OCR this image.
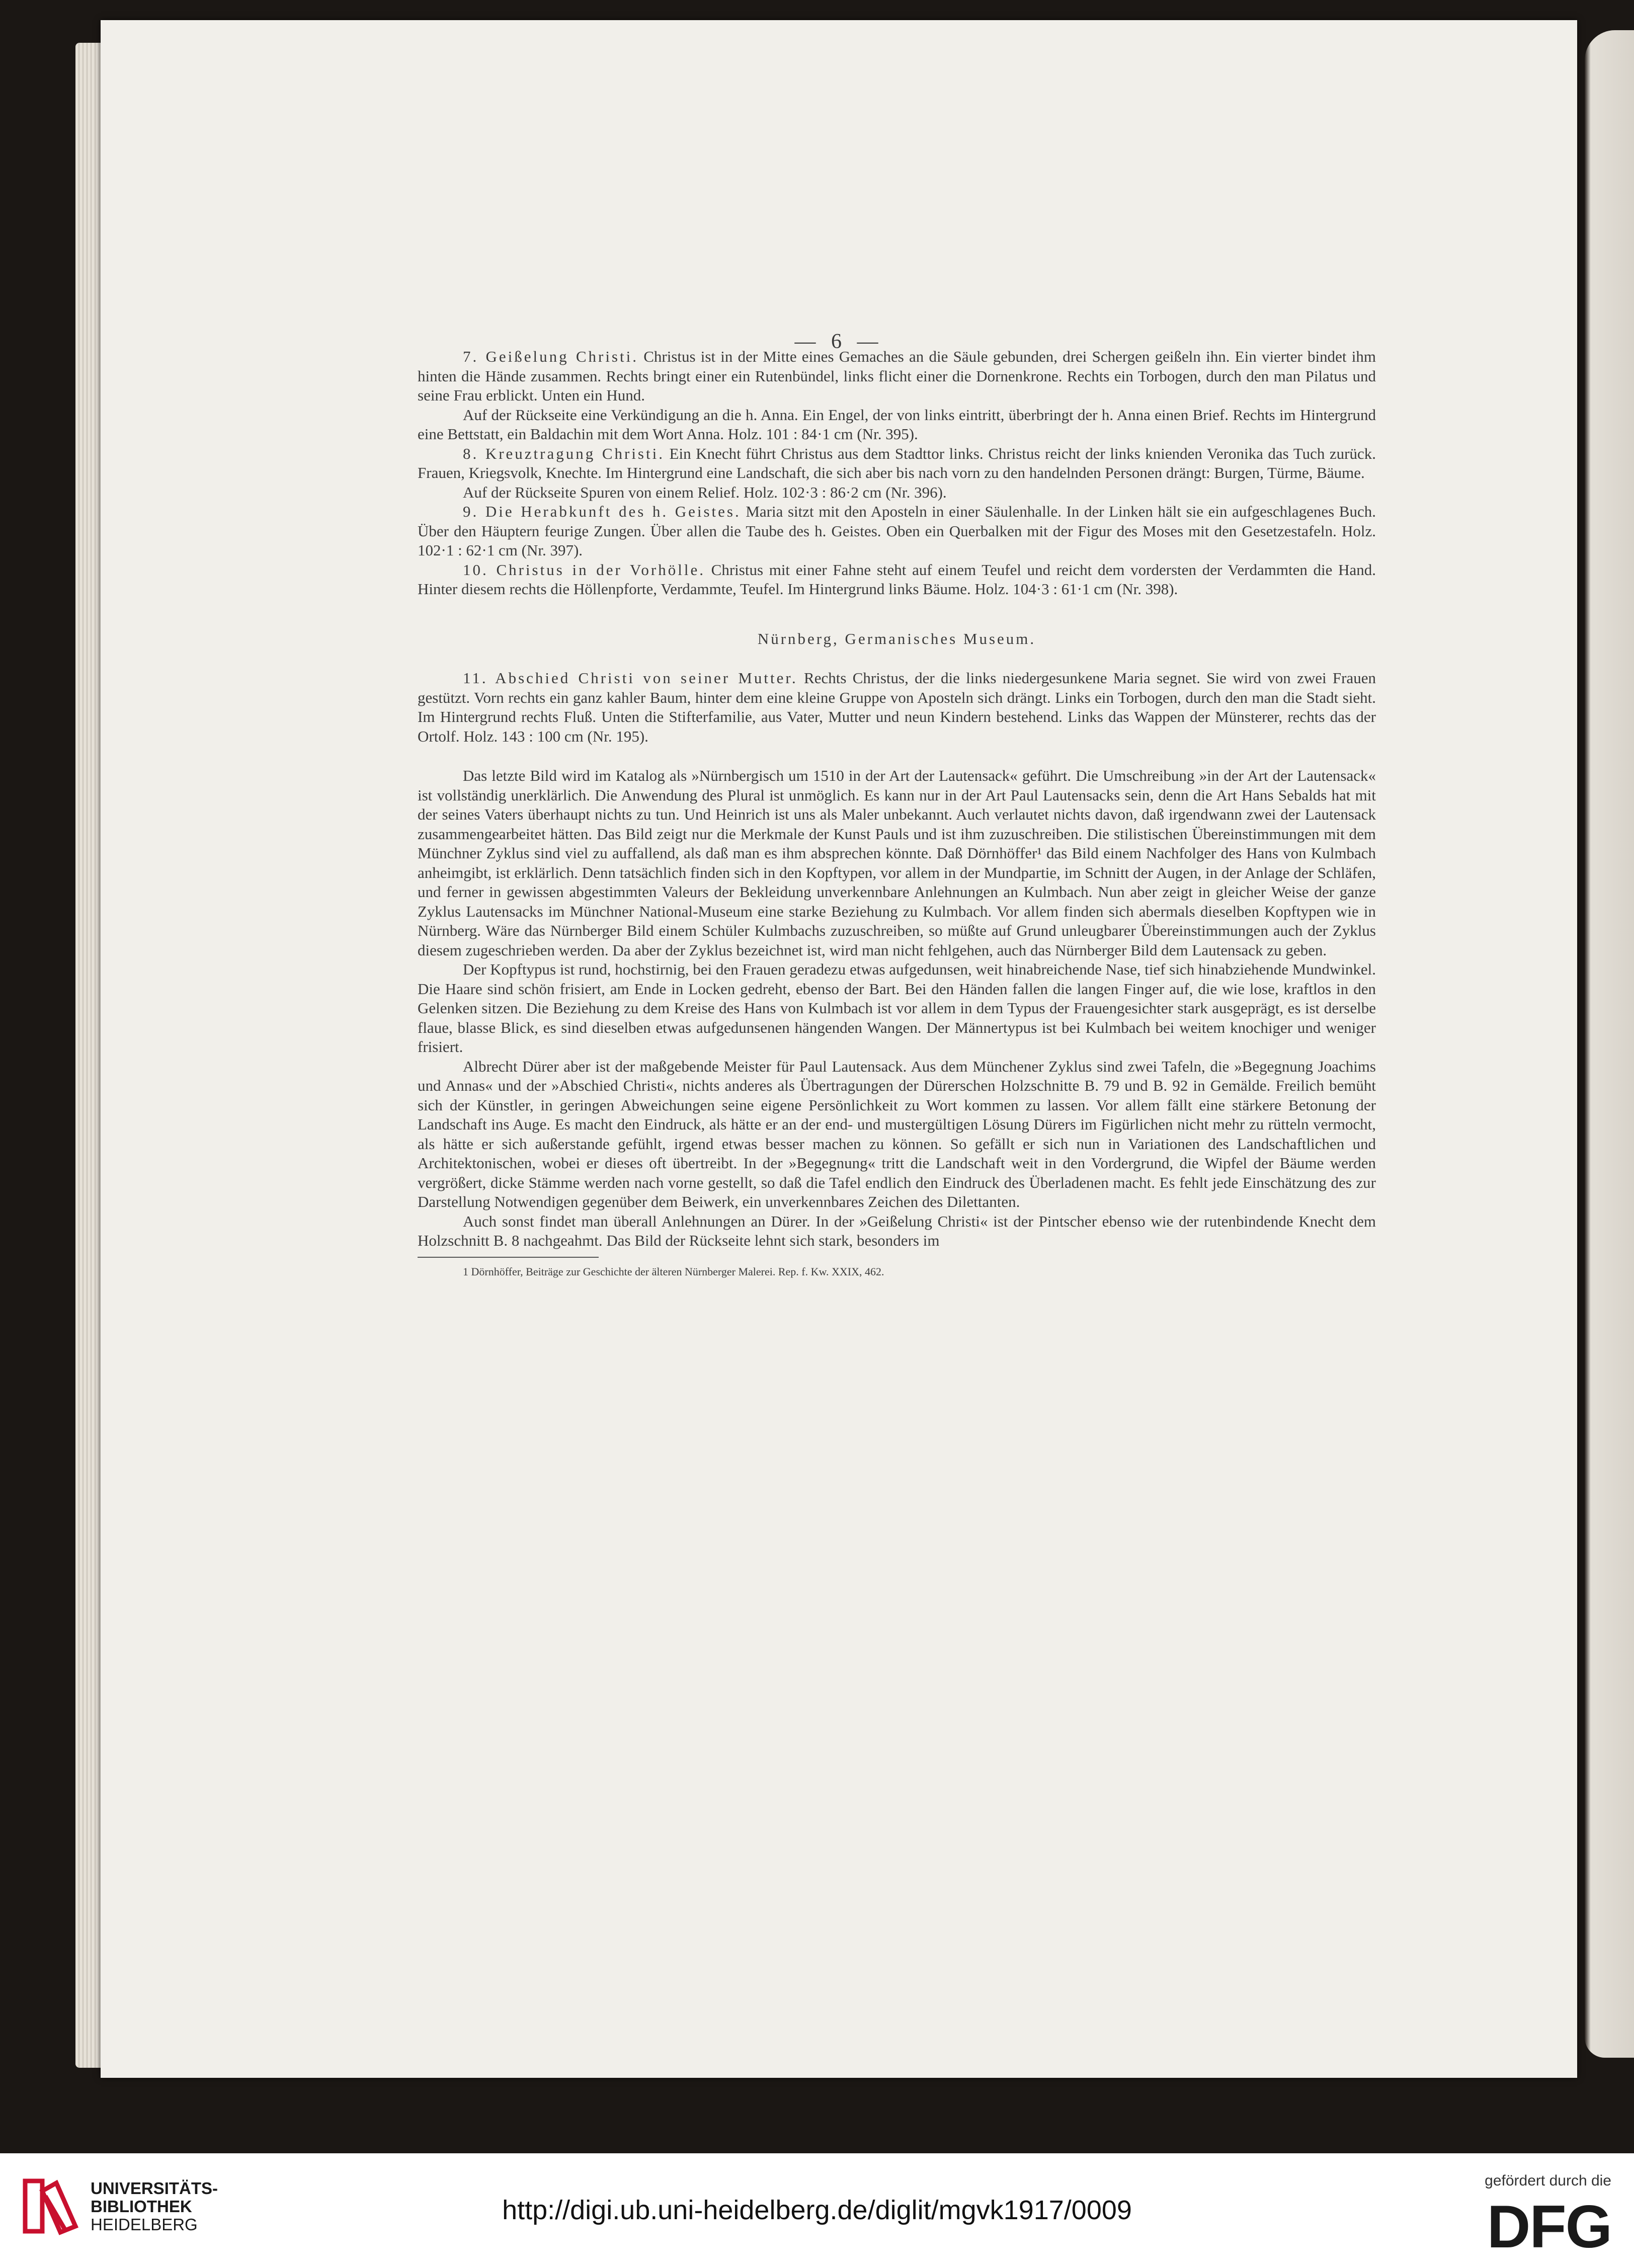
— 6 —

7. Geißelung Christi. Christus ist in der Mitte eines Gemaches an die Säule gebunden, drei Schergen geißeln ihn. Ein vierter bindet ihm hinten die Hände zusammen. Rechts bringt einer ein Rutenbündel, links flicht einer die Dornenkrone. Rechts ein Torbogen, durch den man Pilatus und seine Frau erblickt. Unten ein Hund.

Auf der Rückseite eine Verkündigung an die h. Anna. Ein Engel, der von links eintritt, überbringt der h. Anna einen Brief. Rechts im Hintergrund eine Bettstatt, ein Baldachin mit dem Wort Anna. Holz. 101 : 84·1 cm (Nr. 395).

8. Kreuztragung Christi. Ein Knecht führt Christus aus dem Stadttor links. Christus reicht der links knienden Veronika das Tuch zurück. Frauen, Kriegsvolk, Knechte. Im Hintergrund eine Landschaft, die sich aber bis nach vorn zu den handelnden Personen drängt: Burgen, Türme, Bäume.

Auf der Rückseite Spuren von einem Relief. Holz. 102·3 : 86·2 cm (Nr. 396).

9. Die Herabkunft des h. Geistes. Maria sitzt mit den Aposteln in einer Säulenhalle. In der Linken hält sie ein aufgeschlagenes Buch. Über den Häuptern feurige Zungen. Über allen die Taube des h. Geistes. Oben ein Querbalken mit der Figur des Moses mit den Gesetzestafeln. Holz. 102·1 : 62·1 cm (Nr. 397).

10. Christus in der Vorhölle. Christus mit einer Fahne steht auf einem Teufel und reicht dem vordersten der Verdammten die Hand. Hinter diesem rechts die Höllenpforte, Verdammte, Teufel. Im Hintergrund links Bäume. Holz. 104·3 : 61·1 cm (Nr. 398).

Nürnberg, Germanisches Museum.

11. Abschied Christi von seiner Mutter. Rechts Christus, der die links niedergesunkene Maria segnet. Sie wird von zwei Frauen gestützt. Vorn rechts ein ganz kahler Baum, hinter dem eine kleine Gruppe von Aposteln sich drängt. Links ein Torbogen, durch den man die Stadt sieht. Im Hintergrund rechts Fluß. Unten die Stifterfamilie, aus Vater, Mutter und neun Kindern bestehend. Links das Wappen der Münsterer, rechts das der Ortolf. Holz. 143 : 100 cm (Nr. 195).

Das letzte Bild wird im Katalog als »Nürnbergisch um 1510 in der Art der Lautensack« geführt. Die Umschreibung »in der Art der Lautensack« ist vollständig unerklärlich. Die Anwendung des Plural ist unmöglich. Es kann nur in der Art Paul Lautensacks sein, denn die Art Hans Sebalds hat mit der seines Vaters überhaupt nichts zu tun. Und Heinrich ist uns als Maler unbekannt. Auch verlautet nichts davon, daß irgendwann zwei der Lautensack zusammengearbeitet hätten. Das Bild zeigt nur die Merkmale der Kunst Pauls und ist ihm zuzuschreiben. Die stilistischen Übereinstimmungen mit dem Münchner Zyklus sind viel zu auffallend, als daß man es ihm absprechen könnte. Daß Dörnhöffer¹ das Bild einem Nachfolger des Hans von Kulmbach anheimgibt, ist erklärlich. Denn tatsächlich finden sich in den Kopftypen, vor allem in der Mundpartie, im Schnitt der Augen, in der Anlage der Schläfen, und ferner in gewissen abgestimmten Valeurs der Bekleidung unverkennbare Anlehnungen an Kulmbach. Nun aber zeigt in gleicher Weise der ganze Zyklus Lautensacks im Münchner National-Museum eine starke Beziehung zu Kulmbach. Vor allem finden sich abermals dieselben Kopftypen wie in Nürnberg. Wäre das Nürnberger Bild einem Schüler Kulmbachs zuzuschreiben, so müßte auf Grund unleugbarer Übereinstimmungen auch der Zyklus diesem zugeschrieben werden. Da aber der Zyklus bezeichnet ist, wird man nicht fehlgehen, auch das Nürnberger Bild dem Lautensack zu geben.

Der Kopftypus ist rund, hochstirnig, bei den Frauen geradezu etwas aufgedunsen, weit hinabreichende Nase, tief sich hinabziehende Mundwinkel. Die Haare sind schön frisiert, am Ende in Locken gedreht, ebenso der Bart. Bei den Händen fallen die langen Finger auf, die wie lose, kraftlos in den Gelenken sitzen. Die Beziehung zu dem Kreise des Hans von Kulmbach ist vor allem in dem Typus der Frauengesichter stark ausgeprägt, es ist derselbe flaue, blasse Blick, es sind dieselben etwas aufgedunsenen hängenden Wangen. Der Männertypus ist bei Kulmbach bei weitem knochiger und weniger frisiert.

Albrecht Dürer aber ist der maßgebende Meister für Paul Lautensack. Aus dem Münchener Zyklus sind zwei Tafeln, die »Begegnung Joachims und Annas« und der »Abschied Christi«, nichts anderes als Übertragungen der Dürerschen Holzschnitte B. 79 und B. 92 in Gemälde. Freilich bemüht sich der Künstler, in geringen Abweichungen seine eigene Persönlichkeit zu Wort kommen zu lassen. Vor allem fällt eine stärkere Betonung der Landschaft ins Auge. Es macht den Eindruck, als hätte er an der end- und mustergültigen Lösung Dürers im Figürlichen nicht mehr zu rütteln vermocht, als hätte er sich außerstande gefühlt, irgend etwas besser machen zu können. So gefällt er sich nun in Variationen des Landschaftlichen und Architektonischen, wobei er dieses oft übertreibt. In der »Begegnung« tritt die Landschaft weit in den Vordergrund, die Wipfel der Bäume werden vergrößert, dicke Stämme werden nach vorne gestellt, so daß die Tafel endlich den Eindruck des Überladenen macht. Es fehlt jede Einschätzung des zur Darstellung Notwendigen gegenüber dem Beiwerk, ein unverkennbares Zeichen des Dilettanten.

Auch sonst findet man überall Anlehnungen an Dürer. In der »Geißelung Christi« ist der Pintscher ebenso wie der rutenbindende Knecht dem Holzschnitt B. 8 nachgeahmt. Das Bild der Rückseite lehnt sich stark, besonders im

1 Dörnhöffer, Beiträge zur Geschichte der älteren Nürnberger Malerei. Rep. f. Kw. XXIX, 462.

UNIVERSITÄTS-
BIBLIOTHEK
HEIDELBERG	http://digi.ub.uni-heidelberg.de/diglit/mgvk1917/0009
gefördert durch die
DFG
